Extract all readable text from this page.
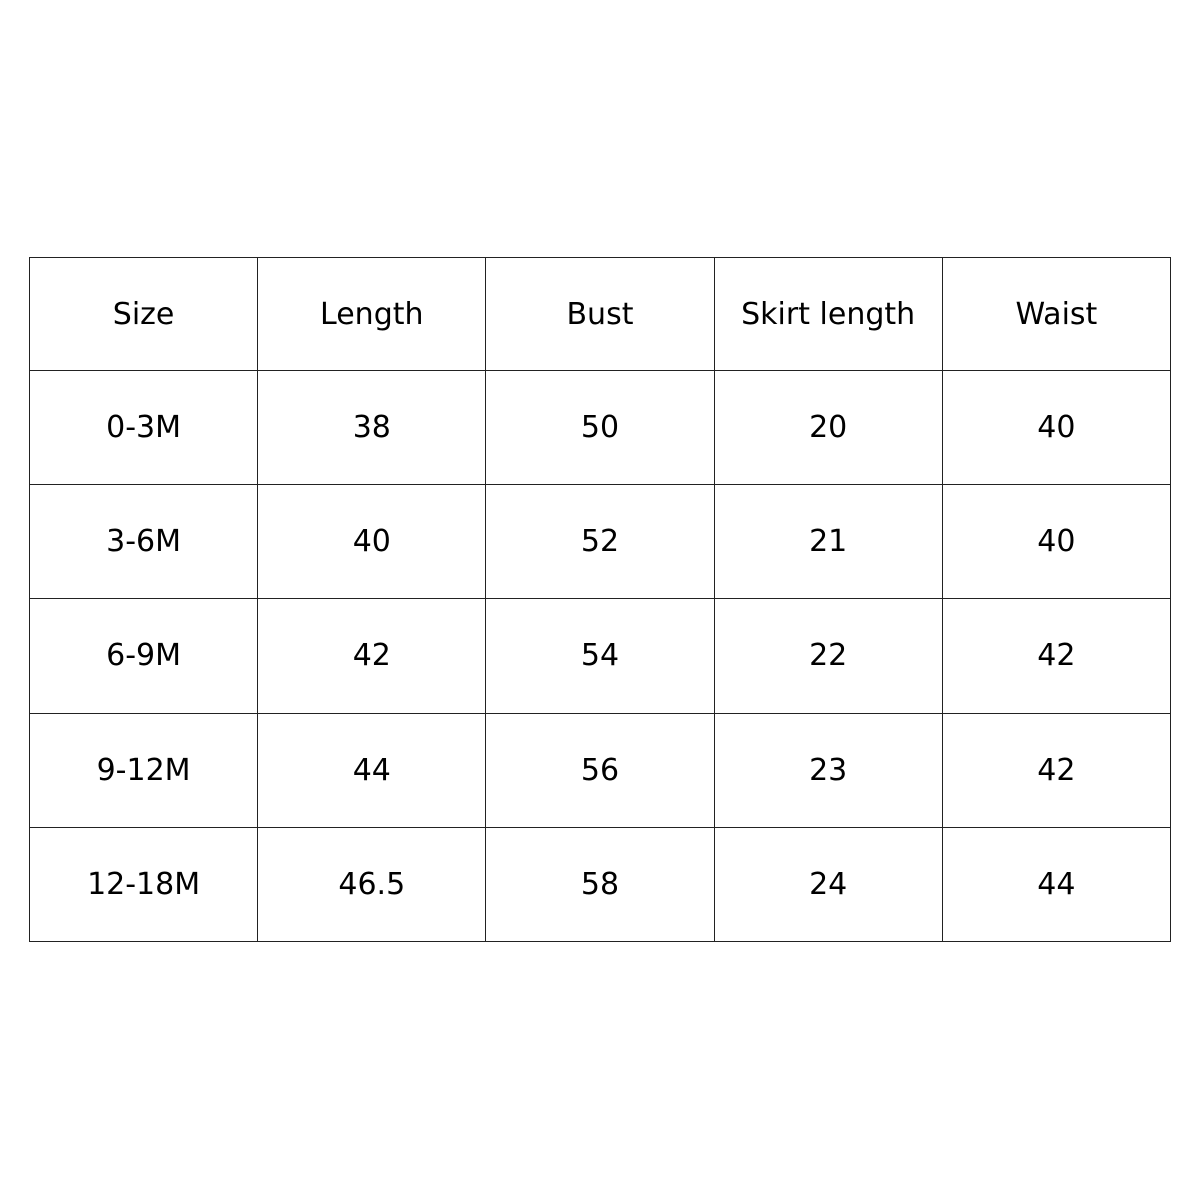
Size	Length	Bust	Skirt length	Waist
0-3M	38	50	20	40
3-6M	40	52	21	40
6-9M	42	54	22	42
9-12M	44	56	23	42
12-18M	46.5	58	24	44
